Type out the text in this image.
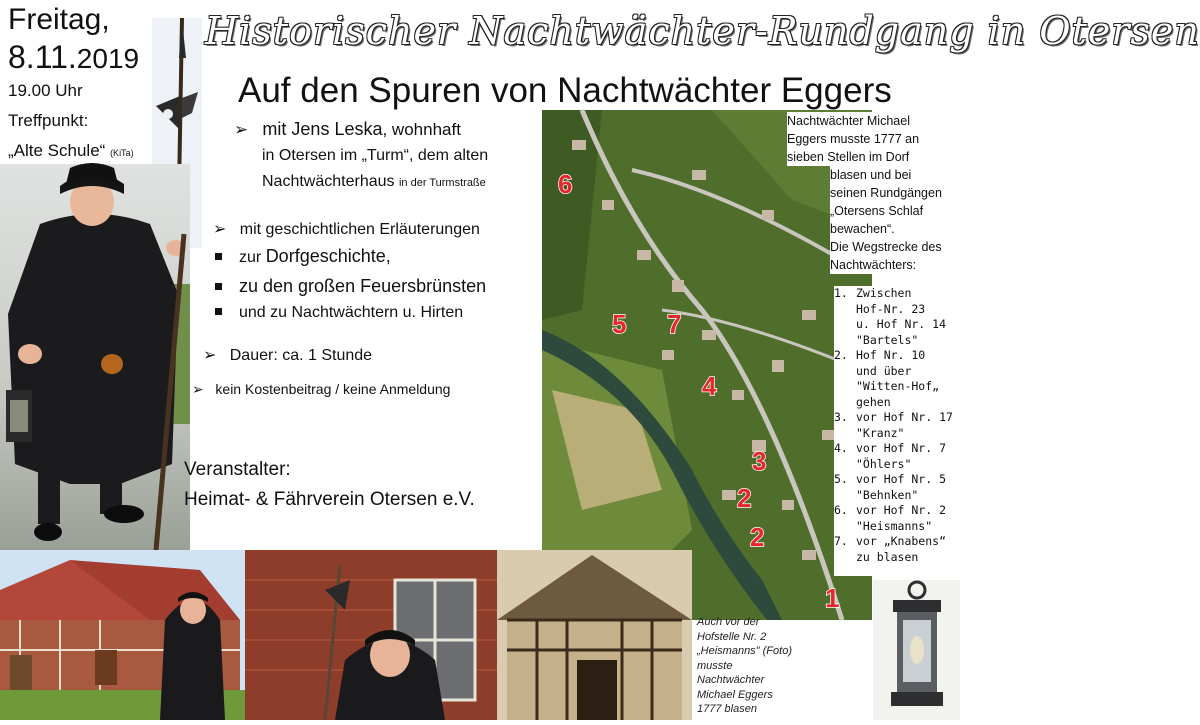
Freitag,
8.11.2019
19.00 Uhr
Treffpunkt:
„Alte Schule“ (KiTa)
Historischer Nachtwächter-Rundgang in Otersen
Auf den Spuren von Nachtwächter Eggers
➢ mit Jens Leska, wohnhaft
in Otersen im „Turm“, dem alten
Nachtwächterhaus in der Turmstraße
➢ mit geschichtlichen Erläuterungen
zur Dorfgeschichte,
zu den großen Feuersbrünsten
und zu Nachtwächtern u. Hirten
➢ Dauer: ca. 1 Stunde
➢ kein Kostenbeitrag / keine Anmeldung
Veranstalter:
Heimat- & Fährverein Otersen e.V.
6
5 7
4
3
2
2
1
Nachtwächter Michael
Eggers musste 1777 an
sieben Stellen im Dorf
blasen und bei
seinen Rundgängen
„Otersens Schlaf
bewachen“.
Die Wegstrecke des
Nachtwächters:
1. Zwischen
Hof-Nr. 23
u. Hof Nr. 14
"Bartels"
2. Hof Nr. 10
und über
"Witten-Hof„
gehen
3. vor Hof Nr. 17
"Kranz"
4. vor Hof Nr. 7
"Öhlers"
5. vor Hof Nr. 5
"Behnken"
6. vor Hof Nr. 2
"Heismanns"
7. vor „Knabens“
zu blasen
Auch vor der
Hofstelle Nr. 2
„Heismanns" (Foto)
musste
Nachtwächter
Michael Eggers
1777 blasen
